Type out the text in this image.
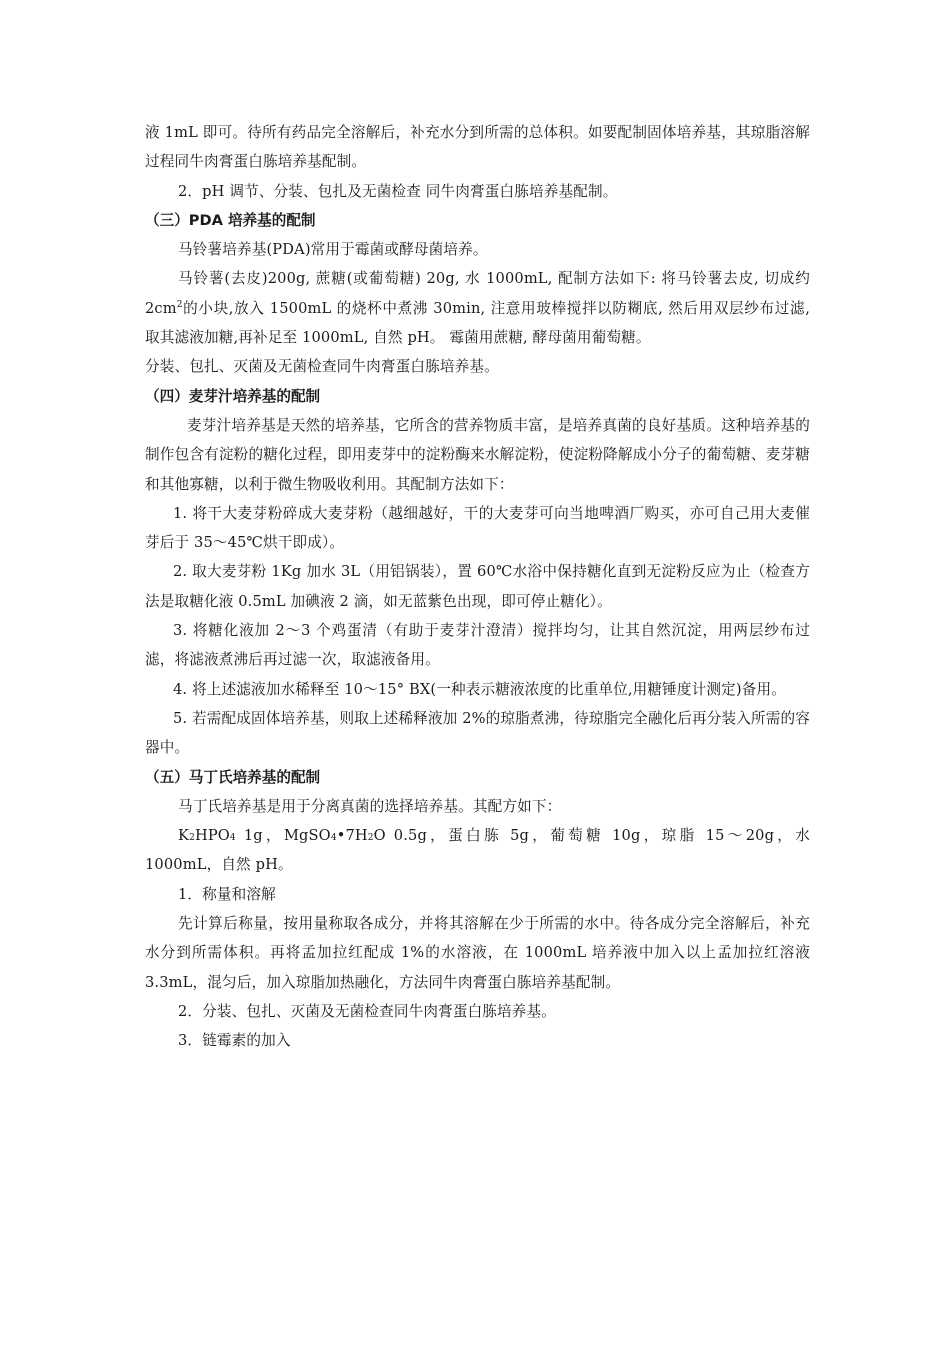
液 1mL 即可。待所有药品完全溶解后，补充水分到所需的总体积。如要配制固体培养基，其琼脂溶解过程同牛肉膏蛋白胨培养基配制。

2．pH 调节、分装、包扎及无菌检查 同牛肉膏蛋白胨培养基配制。

（三）PDA 培养基的配制

马铃薯培养基(PDA)常用于霉菌或酵母菌培养。

马铃薯(去皮)200g, 蔗糖(或葡萄糖) 20g, 水 1000mL, 配制方法如下: 将马铃薯去皮, 切成约 $2cm^2$的小块,放入 1500mL 的烧杯中煮沸 30min, 注意用玻棒搅拌以防糊底, 然后用双层纱布过滤, 取其滤液加糖,再补足至 1000mL, 自然 pH。 霉菌用蔗糖, 酵母菌用葡萄糖。

分装、包扎、灭菌及无菌检查同牛肉膏蛋白胨培养基。

（四）麦芽汁培养基的配制

麦芽汁培养基是天然的培养基，它所含的营养物质丰富，是培养真菌的良好基质。这种培养基的制作包含有淀粉的糖化过程，即用麦芽中的淀粉酶来水解淀粉，使淀粉降解成小分子的葡萄糖、麦芽糖和其他寡糖，以利于微生物吸收利用。其配制方法如下：

1. 将干大麦芽粉碎成大麦芽粉（越细越好，干的大麦芽可向当地啤酒厂购买，亦可自己用大麦催芽后于 35～45℃烘干即成）。

2. 取大麦芽粉 1Kg 加水 3L（用铝锅装），置 60℃水浴中保持糖化直到无淀粉反应为止（检查方法是取糖化液 0.5mL 加碘液 2 滴，如无蓝紫色出现，即可停止糖化）。

3. 将糖化液加 2～3 个鸡蛋清（有助于麦芽汁澄清）搅拌均匀，让其自然沉淀，用两层纱布过滤，将滤液煮沸后再过滤一次，取滤液备用。

4. 将上述滤液加水稀释至 10～15° BX(一种表示糖液浓度的比重单位,用糖锤度计测定)备用。

5. 若需配成固体培养基，则取上述稀释液加 2%的琼脂煮沸，待琼脂完全融化后再分装入所需的容器中。

（五）马丁氏培养基的配制

马丁氏培养基是用于分离真菌的选择培养基。其配方如下：

K2HPO4 1g，MgSO4•7H2O 0.5g，蛋白胨 5g，葡萄糖 10g，琼脂 15～20g，水 1000mL，自然 pH。

1．称量和溶解

先计算后称量，按用量称取各成分，并将其溶解在少于所需的水中。待各成分完全溶解后，补充水分到所需体积。再将孟加拉红配成 1%的水溶液，在 1000mL 培养液中加入以上孟加拉红溶液 3.3mL，混匀后，加入琼脂加热融化，方法同牛肉膏蛋白胨培养基配制。

2．分装、包扎、灭菌及无菌检查同牛肉膏蛋白胨培养基。

3．链霉素的加入
